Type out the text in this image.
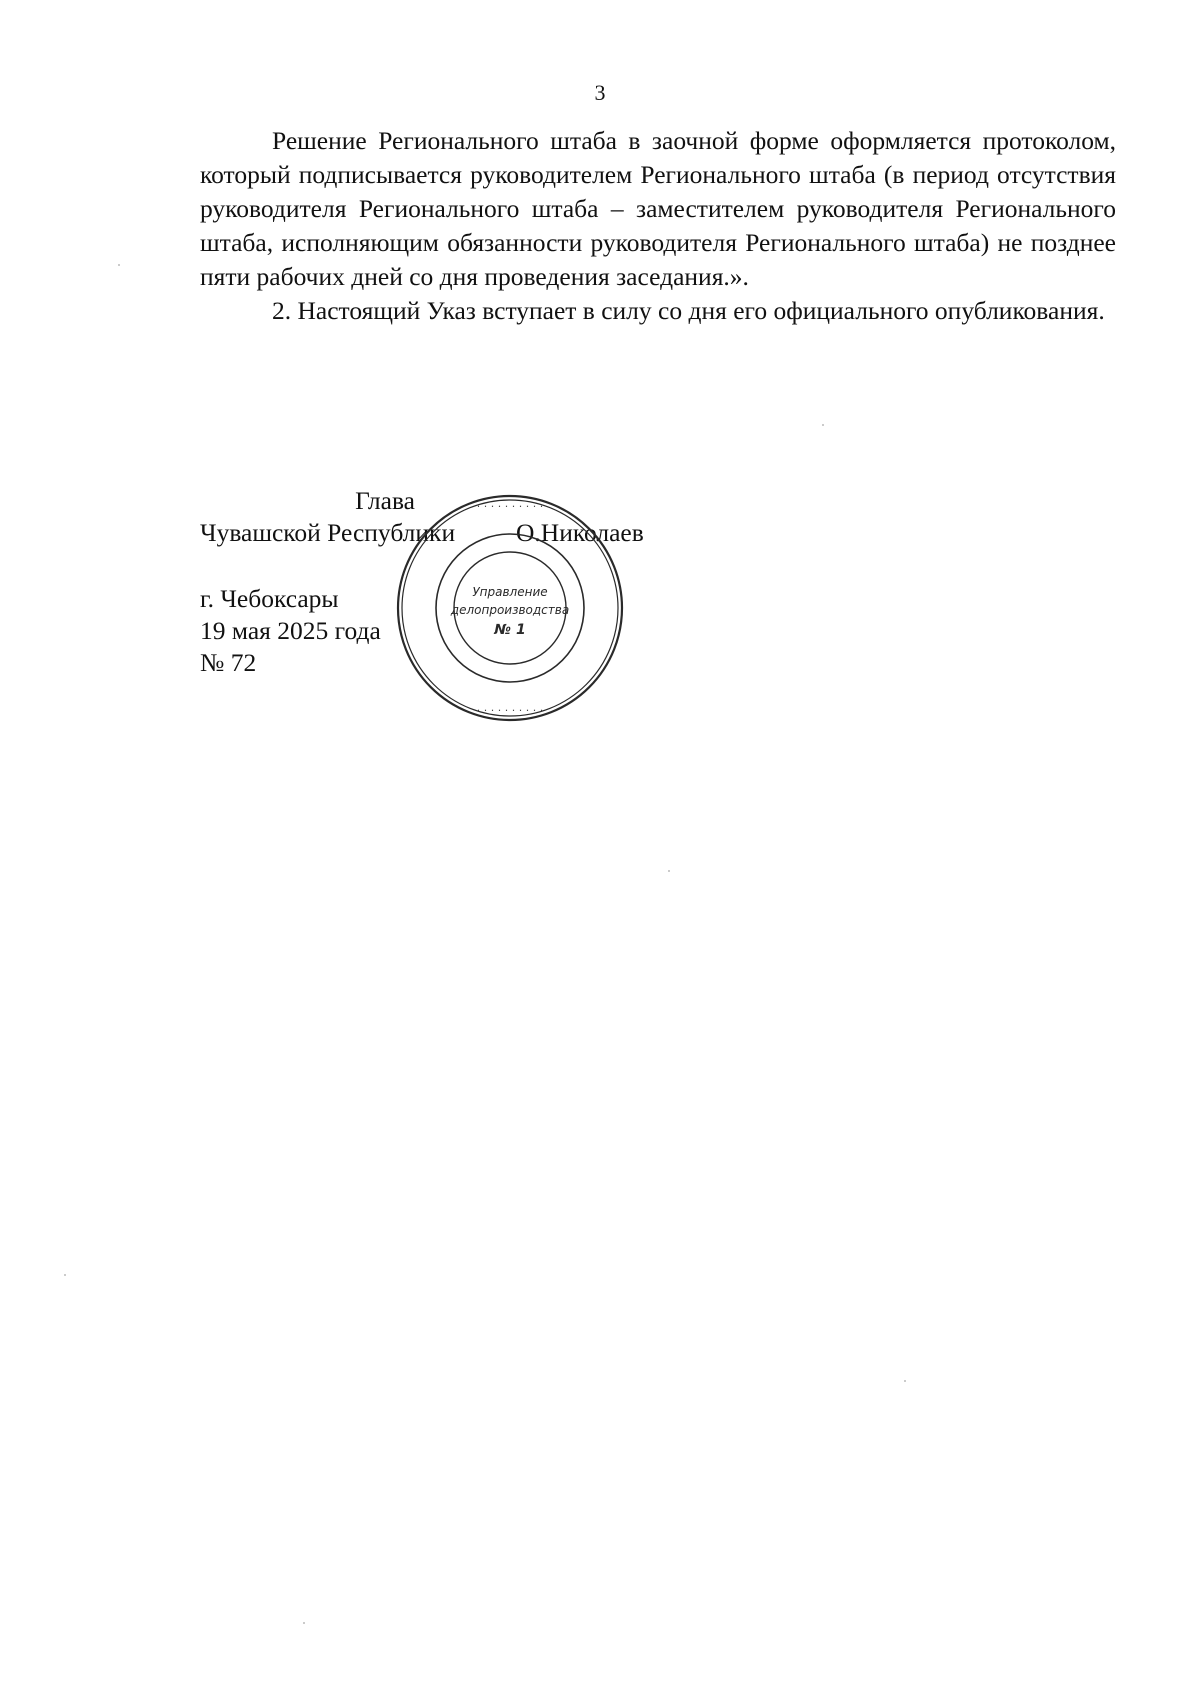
3

Решение Регионального штаба в заочной форме оформляется протоколом, который подписывается руководителем Регионального штаба (в период отсутствия руководителя Регионального штаба – заместителем руководителя Регионального штаба, исполняющим обязанности руководителя Регионального штаба) не позднее пяти рабочих дней со дня проведения заседания.».

2. Настоящий Указ вступает в силу со дня его официального опубликования.

Глава
Чувашской Республики О.Николаев
г. Чебоксары
19 мая 2025 года
№ 72
· · · · · · · · · ·
· · · · · · · · · ·
Управление
делопроизводства
№ 1
